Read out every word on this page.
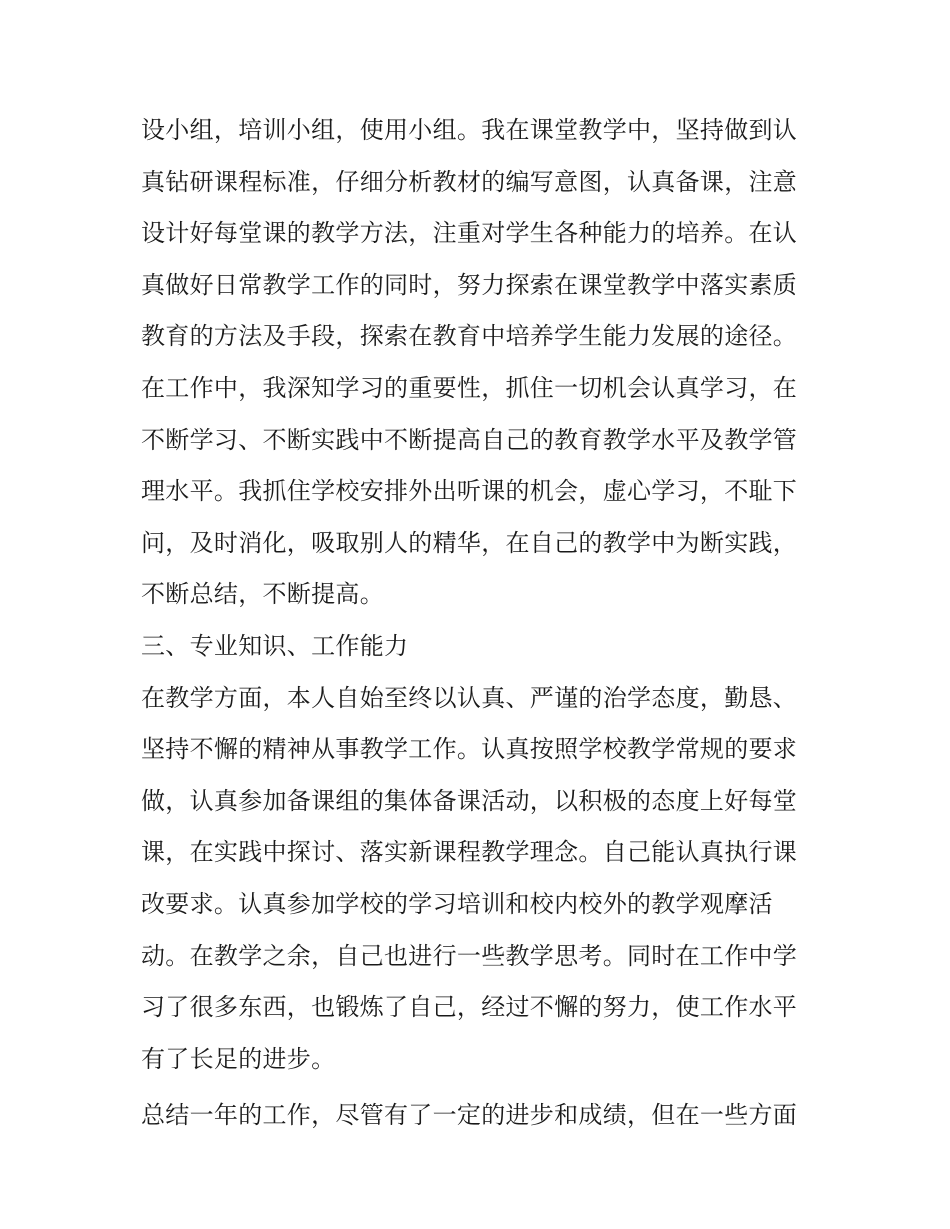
设小组，培训小组，使用小组。我在课堂教学中，坚持做到认
真钻研课程标准，仔细分析教材的编写意图，认真备课，注意
设计好每堂课的教学方法，注重对学生各种能力的培养。在认
真做好日常教学工作的同时，努力探索在课堂教学中落实素质
教育的方法及手段，探索在教育中培养学生能力发展的途径。
在工作中，我深知学习的重要性，抓住一切机会认真学习，在
不断学习、不断实践中不断提高自己的教育教学水平及教学管
理水平。我抓住学校安排外出听课的机会，虚心学习，不耻下
问，及时消化，吸取别人的精华，在自己的教学中为断实践，
不断总结，不断提高。
三、专业知识、工作能力
在教学方面，本人自始至终以认真、严谨的治学态度，勤恳、
坚持不懈的精神从事教学工作。认真按照学校教学常规的要求
做，认真参加备课组的集体备课活动，以积极的态度上好每堂
课，在实践中探讨、落实新课程教学理念。自己能认真执行课
改要求。认真参加学校的学习培训和校内校外的教学观摩活
动。在教学之余，自己也进行一些教学思考。同时在工作中学
习了很多东西，也锻炼了自己，经过不懈的努力，使工作水平
有了长足的进步。
总结一年的工作，尽管有了一定的进步和成绩，但在一些方面
